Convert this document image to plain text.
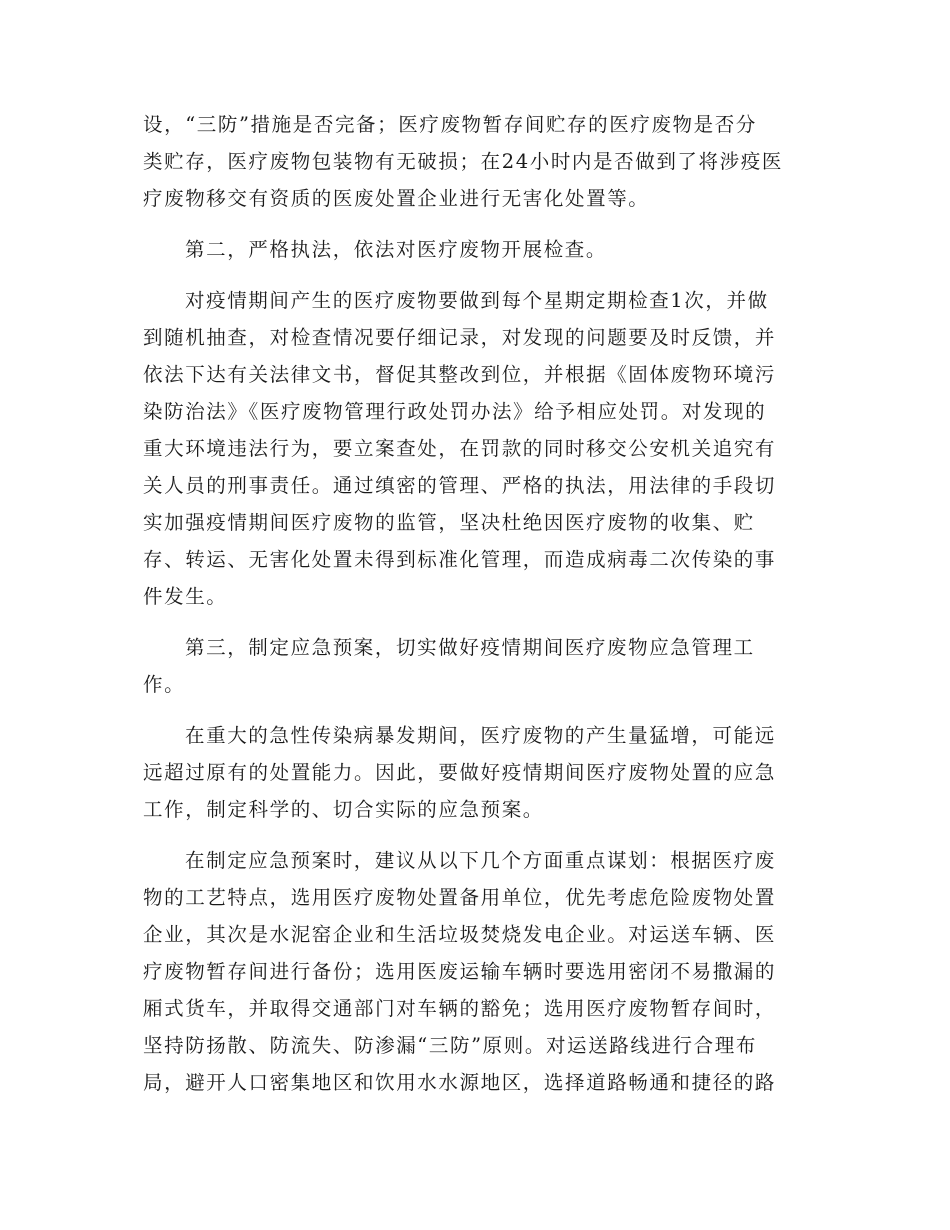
设，“三防”措施是否完备；医疗废物暂存间贮存的医疗废物是否分
类贮存，医疗废物包装物有无破损；在24小时内是否做到了将涉疫医
疗废物移交有资质的医废处置企业进行无害化处置等。
第二，严格执法，依法对医疗废物开展检查。
对疫情期间产生的医疗废物要做到每个星期定期检查1次，并做
到随机抽查，对检查情况要仔细记录，对发现的问题要及时反馈，并
依法下达有关法律文书，督促其整改到位，并根据《固体废物环境污
染防治法》《医疗废物管理行政处罚办法》给予相应处罚。对发现的
重大环境违法行为，要立案查处，在罚款的同时移交公安机关追究有
关人员的刑事责任。通过缜密的管理、严格的执法，用法律的手段切
实加强疫情期间医疗废物的监管，坚决杜绝因医疗废物的收集、贮
存、转运、无害化处置未得到标准化管理，而造成病毒二次传染的事
件发生。
第三，制定应急预案，切实做好疫情期间医疗废物应急管理工
作。
在重大的急性传染病暴发期间，医疗废物的产生量猛增，可能远
远超过原有的处置能力。因此，要做好疫情期间医疗废物处置的应急
工作，制定科学的、切合实际的应急预案。
在制定应急预案时，建议从以下几个方面重点谋划：根据医疗废
物的工艺特点，选用医疗废物处置备用单位，优先考虑危险废物处置
企业，其次是水泥窑企业和生活垃圾焚烧发电企业。对运送车辆、医
疗废物暂存间进行备份；选用医废运输车辆时要选用密闭不易撒漏的
厢式货车，并取得交通部门对车辆的豁免；选用医疗废物暂存间时，
坚持防扬散、防流失、防渗漏“三防”原则。对运送路线进行合理布
局，避开人口密集地区和饮用水水源地区，选择道路畅通和捷径的路
